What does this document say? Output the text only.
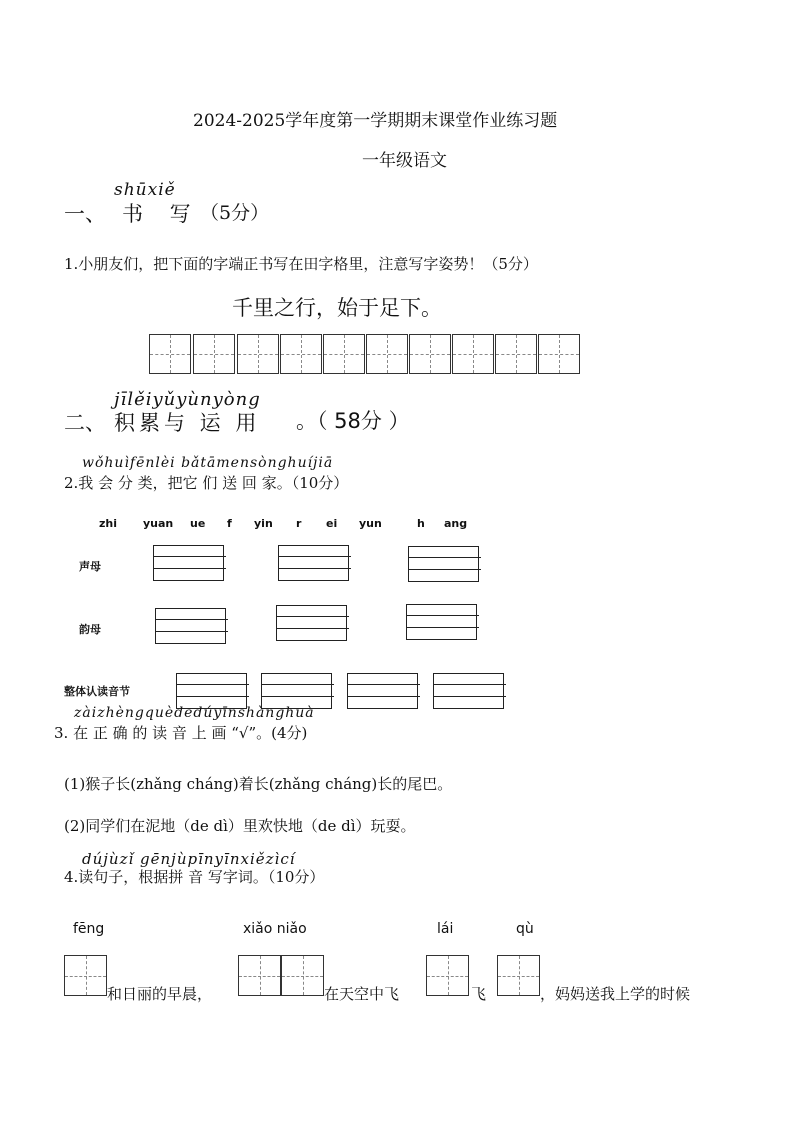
2024-2025学年度第一学期期末课堂作业练习题
一年级语文
shūxiě
一、 书 写 （5分）
1.小朋友们，把下面的字端正书写在田字格里，注意写字姿势！（5分）
千里之行，始于足下。
jīlěiyǔyùnyòng
二、 积累与 运 用 。（ 58分 ）
wǒhuìfēnlèi bǎtāmensònghuíjiā
2.我 会 分 类，把它 们 送 回 家。（10分）
zhi yuan ue f yin r ei yun	h ang
声母
韵母
整体认读音节
zàizhèngquèdedúyīnshànghuà
3. 在 正 确 的 读 音 上 画 “√”。(4分)
(1)猴子长(zhǎng cháng)着长(zhǎng cháng)长的尾巴。
(2)同学们在泥地（de dì）里欢快地（de dì）玩耍。
dújùzǐ gēnjùpīnyīnxiězìcí
4.读句子，根据拼 音 写字词。（10分）
fēng	xiǎo niǎo	lái	qù
和日丽的早晨，	在天空中飞	飞	，妈妈送我上学的时候
